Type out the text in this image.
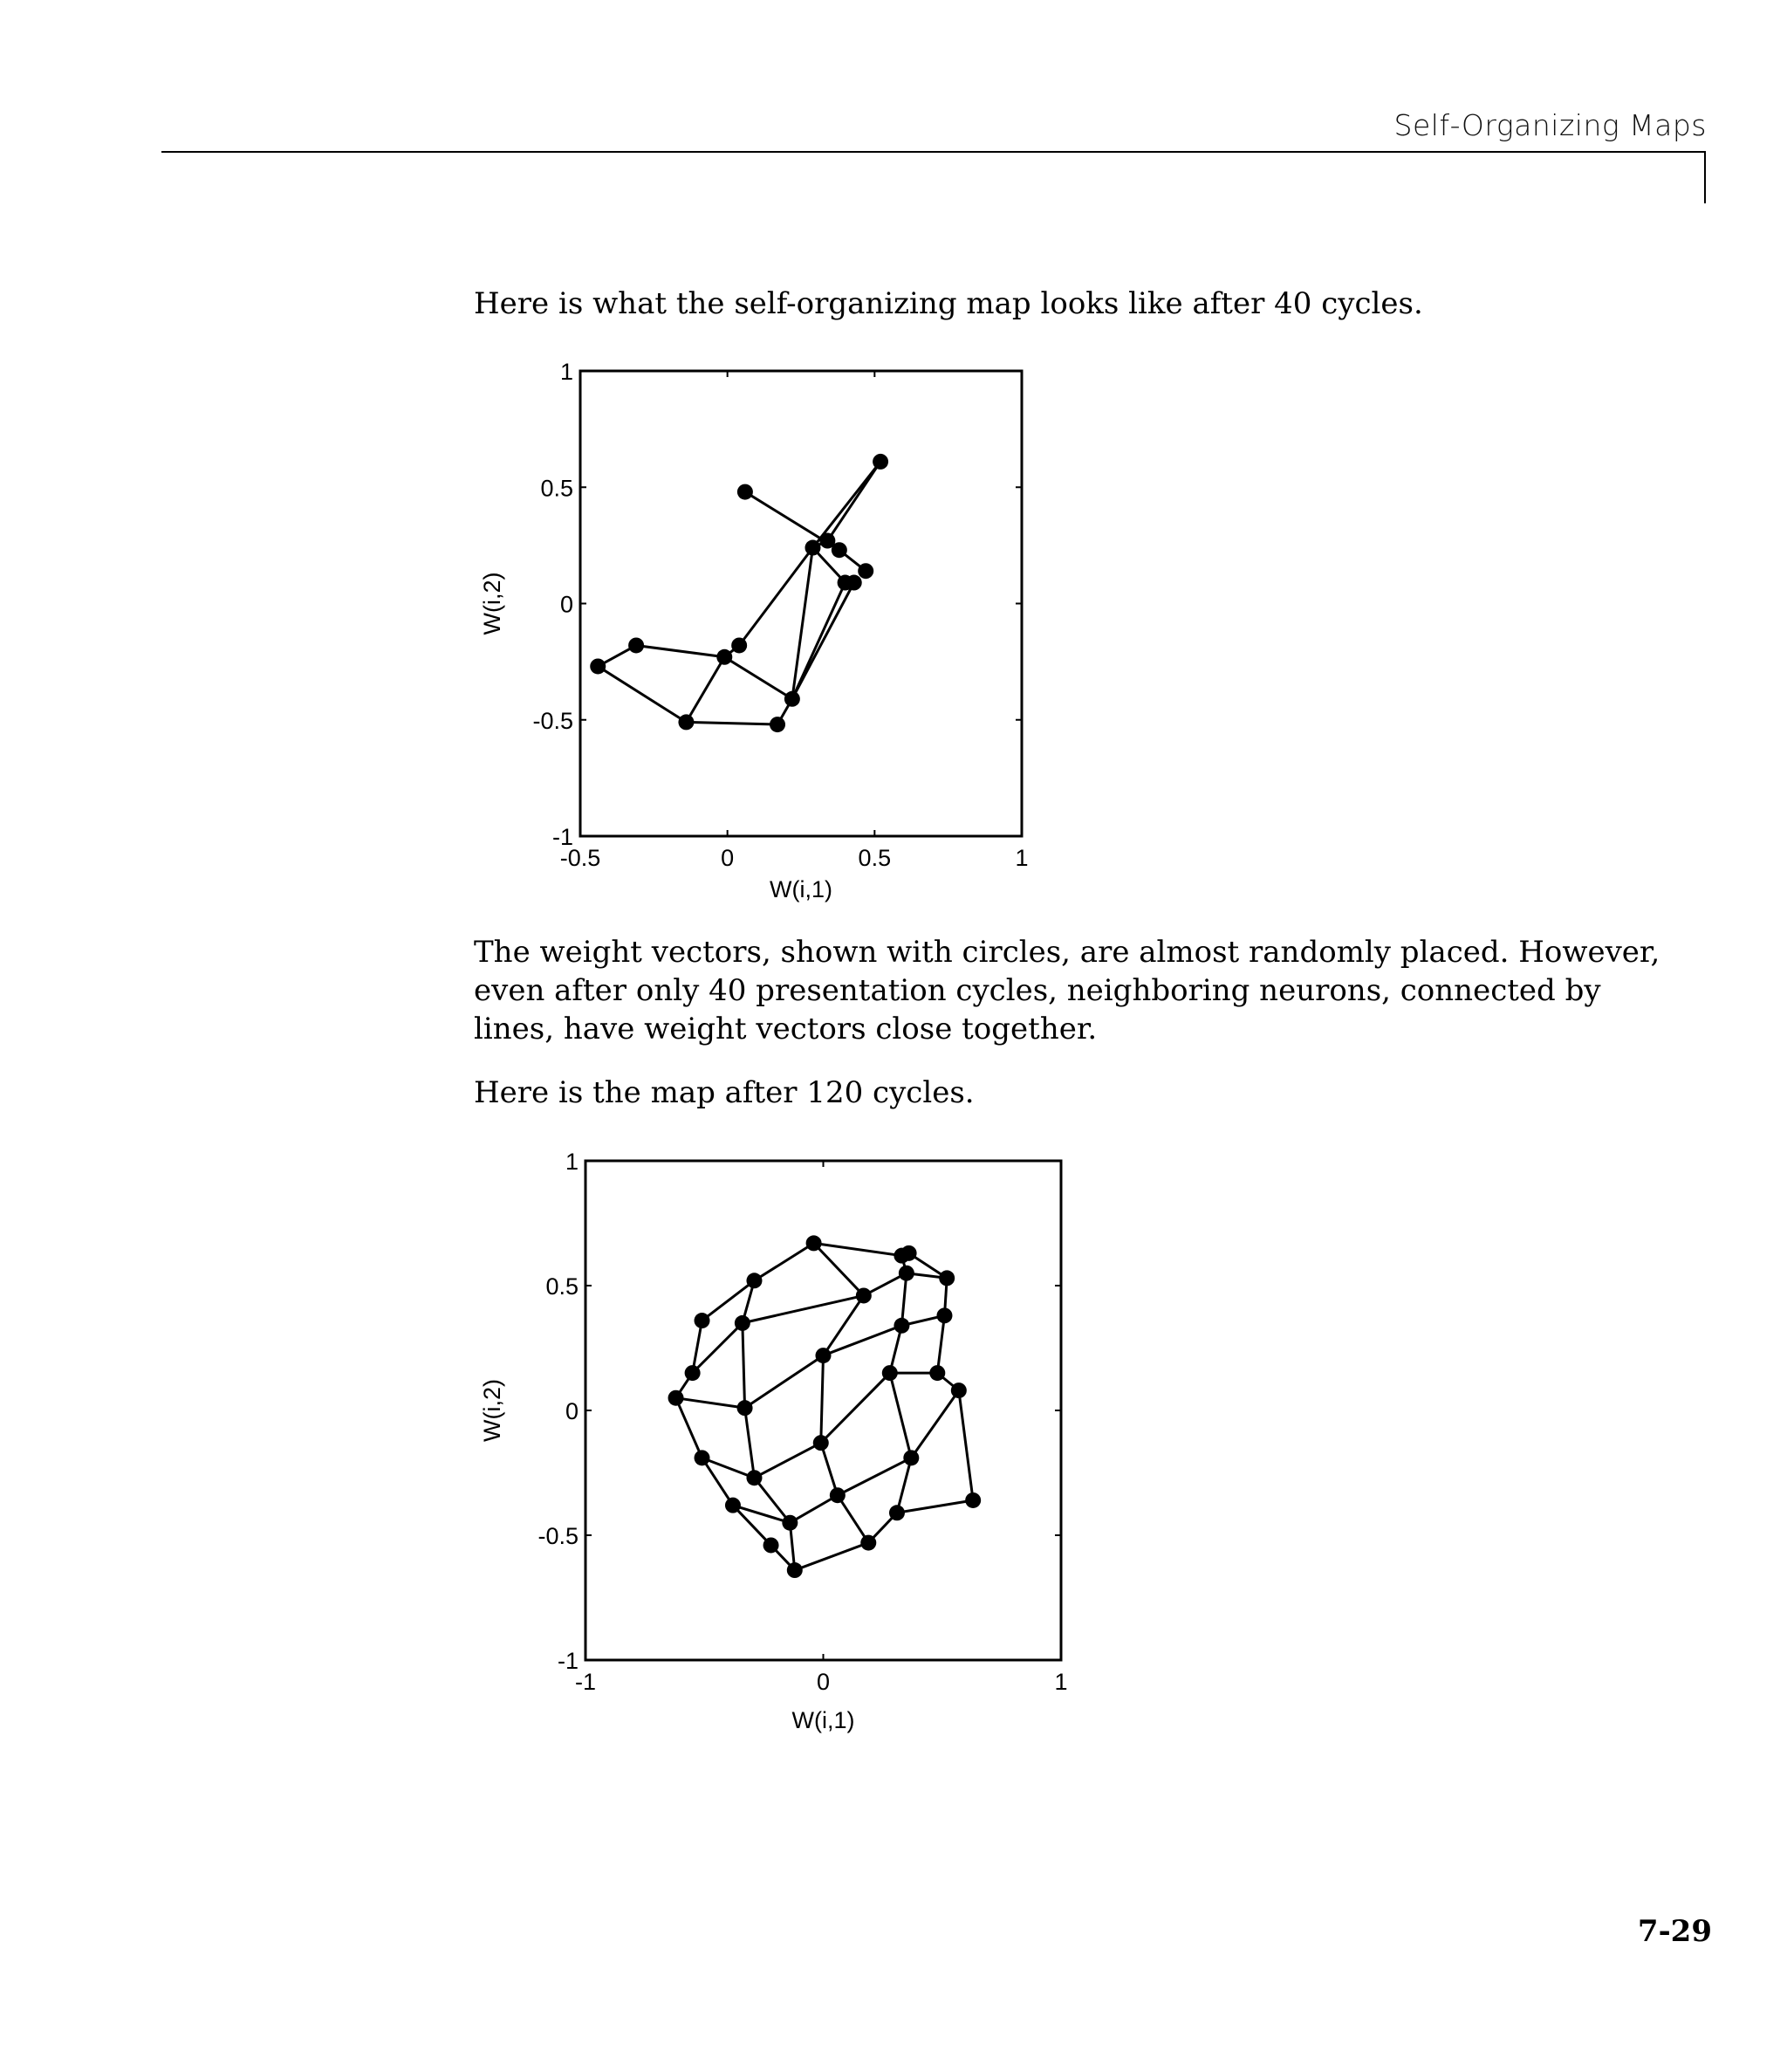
Self-Organizing Maps

Here is what the self-organizing map looks like after 40 cycles.

-0.5	0	0.5	1
-1
-0.5
0
0.5
1
W(i,1)
W(i,2)

The weight vectors, shown with circles, are almost randomly placed. However, even after only 40 presentation cycles, neighboring neurons, connected by lines, have weight vectors close together.

Here is the map after 120 cycles.

-1	0	1
-1
-0.5
0
0.5
1
W(i,1)
W(i,2)
7-29
